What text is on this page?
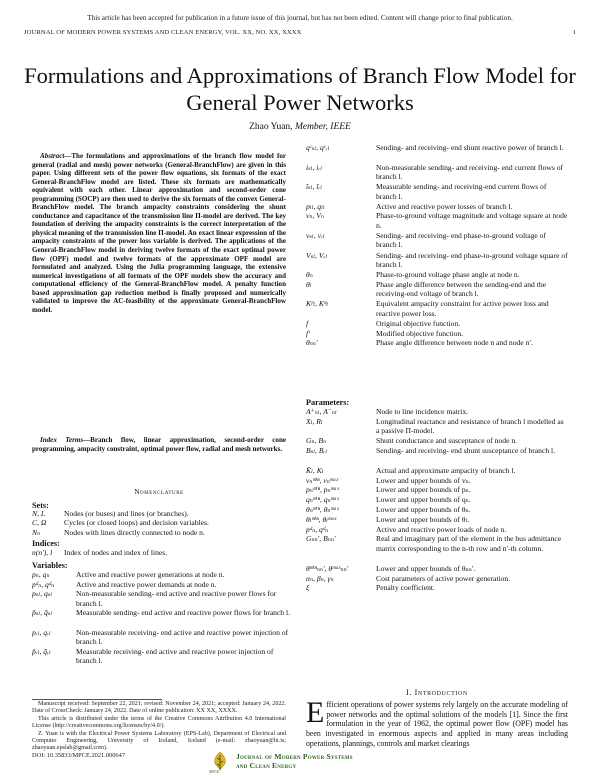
This article has been accepted for publication in a future issue of this journal, but has not been edited. Content will change prior to final publication.
JOURNAL OF MODERN POWER SYSTEMS AND CLEAN ENERGY, VOL. XX, NO. XX, XXXX	1
Formulations and Approximations of Branch Flow Model for General Power Networks
Zhao Yuan, Member, IEEE

Abstract—The formulations and approximations of the branch flow model for general (radial and mesh) power networks (General-BranchFlow) are given in this paper. Using different sets of the power flow equations, six formats of the exact General-BranchFlow model are listed. These six formats are mathematically equivalent with each other. Linear approximation and second-order cone programming (SOCP) are then used to derive the six formats of the convex General-BranchFlow model. The branch ampacity constraints considering the shunt conductance and capacitance of the transmission line Π-model are derived. The key foundation of deriving the ampacity constraints is the correct interpretation of the physical meaning of the transmission line Π-model. An exact linear expression of the ampacity constraints of the power loss variable is derived. The applications of the General-BranchFlow model in deriving twelve formats of the exact optimal power flow (OPF) model and twelve formats of the approximate OPF model are formulated and analyzed. Using the Julia programming language, the extensive numerical investigations of all formats of the OPF models show the accuracy and computational efficiency of the General-BranchFlow model. A penalty function based approximation gap reduction method is finally proposed and numerically validated to improve the AC-feasibility of the approximate General-BranchFlow model.

Index Terms—Branch flow, linear approximation, second-order cone programming, ampacity constraint, optimal power flow, radial and mesh networks.
Nomenclature
Sets:
N, L	Nodes (or buses) and lines (or branches).
C, Ω	Cycles (or closed loops) and decision variables.
Nₙ	Nodes with lines directly connected to node n.
Indices:
n(n′), l	Index of nodes and index of lines.
Variables:
pₙ, qₙ	Active and reactive power generations at node n.
pᵈₙ, qᵈₙ	Active and reactive power demands at node n.
pₛₗ, qₛₗ	Non-measurable sending- end active and reactive power flows for branch l.
p̃ₛₗ, q̃ₛₗ	Measurable sending- end active and reactive power flows for branch l.
pᵣₗ, qᵣₗ	Non-measurable receiving- end active and reactive power injection of branch l.
p̃ᵣₗ, q̃ᵣₗ	Measurable receiving- end active and reactive power injection of branch l.
qᶜₛₗ, qᶜᵣₗ	Sending- and receiving- end shunt reactive power of branch l.
iₛₗ, iᵣₗ	Non-measurable sending- and receiving- end current flows of branch l.
ĩₛₗ, ĩᵣₗ	Measurable sending- and receiving-end current flows of branch l.
pₗₗ, qₗₗ	Active and reactive power losses of branch l.
vₙ, Vₙ	Phase-to-ground voltage magnitude and voltage square at node n.
vₛₗ, vᵣₗ	Sending- and receiving- end phase-to-ground voltage of branch l.
Vₛₗ, Vᵣₗ	Sending- and receiving- end phase-to-ground voltage square of branch l.
θₙ	Phase-to-ground voltage phase angle at node n.
θₗ	Phase angle difference between the sending-end and the receiving-end voltage of branch l.
Kᵖₗ, Kᵠₗ	Equivalent ampacity constraint for active power loss and reactive power loss.
f	Original objective function.
f′	Modified objective function.
θₙₙ′	Phase angle difference between node n and node n′.
Parameters:
A⁺ₙₗ, A⁻ₙₗ	Node to line incidence matrix.
Xₗ, Rₗ	Longitudinal reactance and resistance of branch l modelled as a passive Π-model.
Gₙ, Bₙ	Shunt conductance and susceptance of node n.
Bₛₗ, Bᵣₗ	Sending- and receiving- end shunt susceptance of branch l.
K̄ₗ, Kₗ	Actual and approximate ampacity of branch l.
vₙᵐⁱⁿ, vₙᵐᵃˣ	Lower and upper bounds of vₙ.
pₙᵐⁱⁿ, pₙᵐᵃˣ	Lower and upper bounds of pₙ.
qₙᵐⁱⁿ, qₙᵐᵃˣ	Lower and upper bounds of qₙ.
θₙᵐⁱⁿ, θₙᵐᵃˣ	Lower and upper bounds of θₙ.
θₗᵐⁱⁿ, θₗᵐᵃˣ	Lower and upper bounds of θₗ.
pᵈₙ, qᵈₙ	Active and reactive power loads of node n.
Gₙₙ′, Bₙₙ′	Real and imaginary part of the element in the bus admittance matrix corresponding to the n-th row and n′-th column.
θᵐⁱⁿₙₙ′, θᵐᵃˣₙₙ′	Lower and upper bounds of θₙₙ′.
αₙ, βₙ, γₙ	Cost parameters of active power generation.
ξ	Penalty coefficient.

Manuscript received: September 22, 2021; revised: November 24, 2021; accepted: January 24, 2022. Date of CrossCheck: January 24, 2022. Date of online publication: XX XX, XXXX.

This article is distributed under the terms of the Creative Commons Attribution 4.0 International License (http://creativecommons.org/licenses/by/4.0/).

Z. Yuan is with the Electrical Power Systems Laboratory (EPS-Lab), Department of Electrical and Computer Engineering, University of Iceland, Iceland (e-mail: zhaoyuan@hi.is; zhaoyuan.epslab@gmail.com).

DOI: 10.35833/MPCE.2021.000647
I. Introduction
Efficient operations of power systems rely largely on the accurate modeling of power networks and the optimal solutions of the models [1]. Since the first formulation in the year of 1962, the optimal power flow (OPF) model has been investigated in enormous aspects and applied in many areas including operations, plannings, controls and market clearings
Journal of Modern Power Systems
and Clean Energy
MPCE
